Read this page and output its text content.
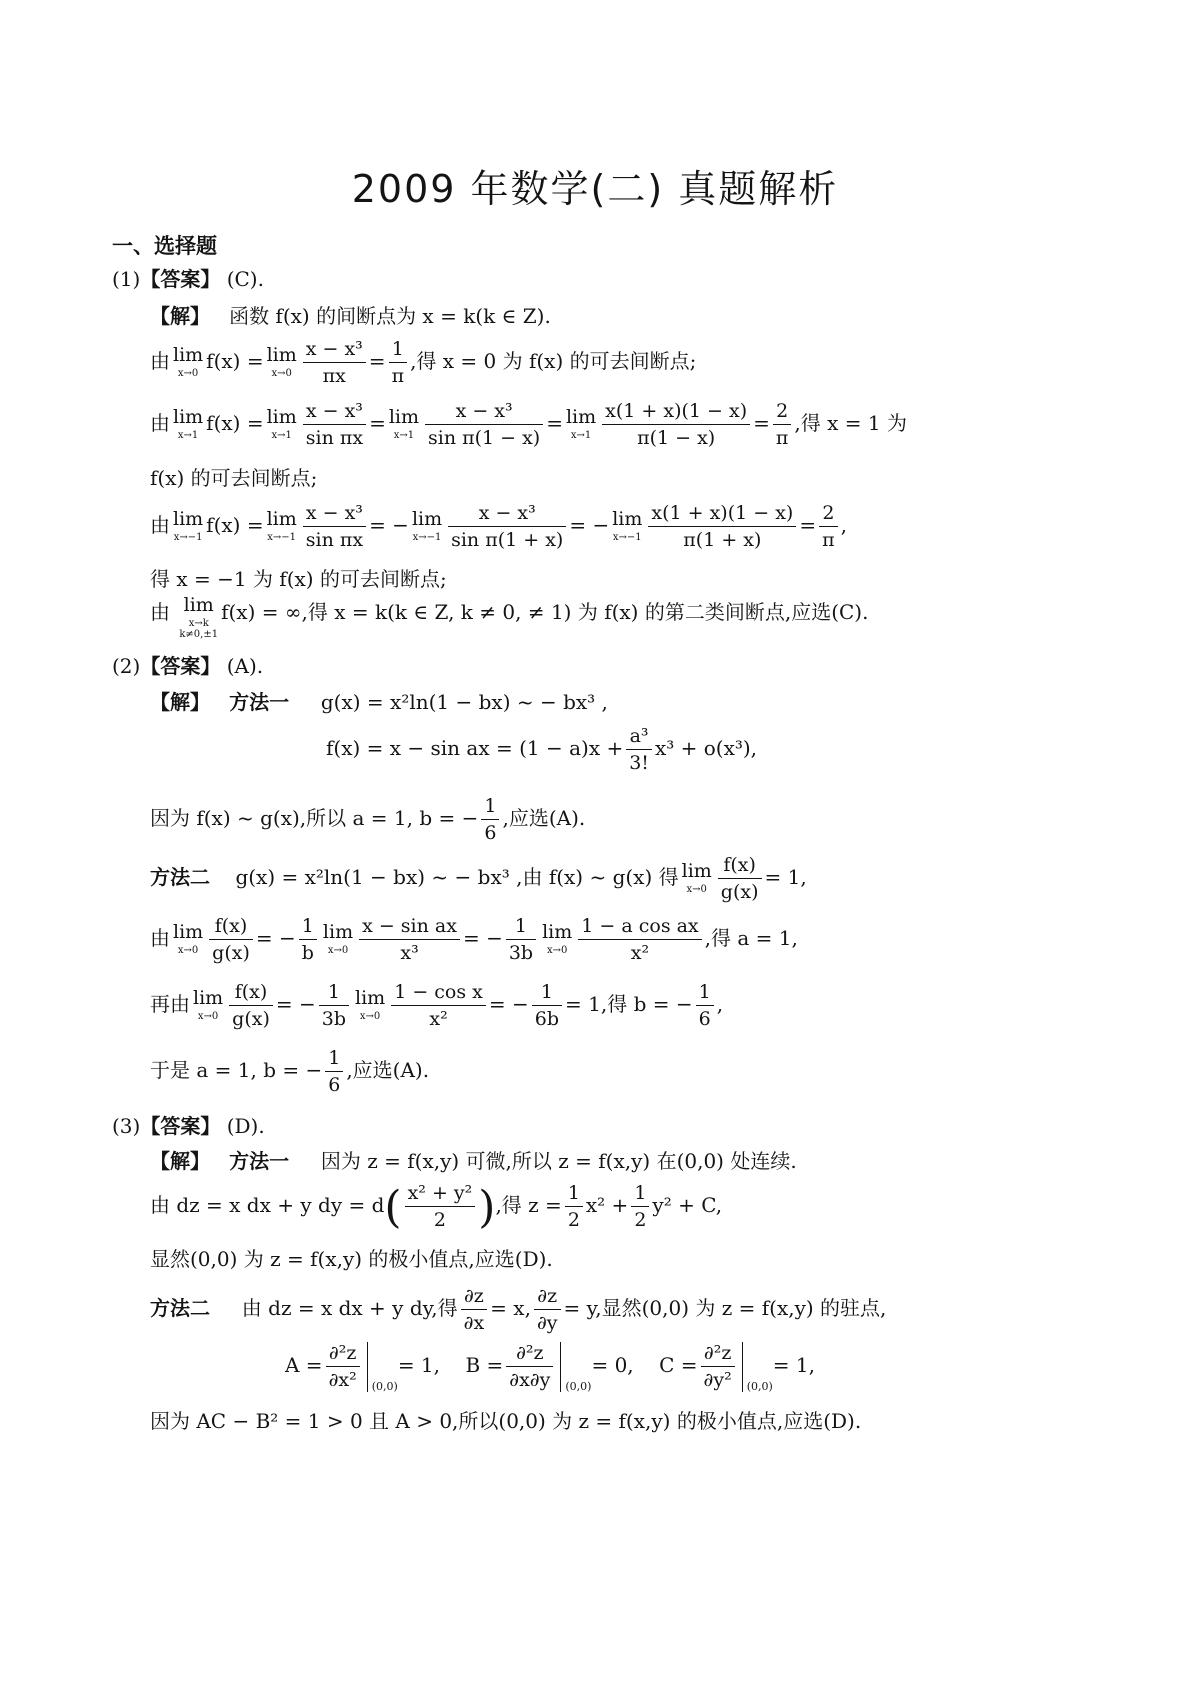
2009 年数学(二) 真题解析
一、选择题
(1)【答案】 (C).
【解】 函数 f(x) 的间断点为 x = k(k ∈ Z).
由 lim
x→0
f(x) = lim
$x\to 0 \frac{\text{x − x³}}{\pi x} = \frac{1}{\pi}$ ,得 x = 0 为 f(x) 的可去间断点;
由 lim
x→1
f(x) = lim
$x\to 1 \frac{\text{x − x³}}{\text{sin πx}} = \lim$
$x\to 1 \frac{\text{x − x³}}{\text{sin π(1 − x)}} = \lim$
$x\to 1 \frac{x(1 + x)(1 - x)}{\pi(1 - x)} = \frac{2}{\pi}$ ,得 x = 1 为
f(x) 的可去间断点;
由 lim
x→−1
f(x) = lim
$x\to-1 \frac{\text{x − x³}}{\text{sin πx}}$ = − lim
$x\to-1 \frac{\text{x − x³}}{\text{sin π(1 + x)}}$ = − lim
$x\to-1 \frac{x(1 + x)(1 - x)}{\pi(1 + x)} = \frac{2}{\pi}$ ,
得 x = −1 为 f(x) 的可去间断点;
由 lim
x→k
k≠0,±1
f(x) = ∞,得 x = k(k ∈ Z, k ≠ 0, ≠ 1) 为 f(x) 的第二类间断点,应选(C).
(2)【答案】 (A).
【解】 方法一 g(x) = x²ln(1 − bx) ~ − bx³ ,
f(x) = x − sin ax = $(1 - a)x + \frac{\text{a³}}{3!} x^3 + o(x^3)$,
因为 f(x) ~ g(x),所以 a = 1, b = − $\frac{1}{6}$ ,应选(A).
方法二 g(x) = x²ln(1 − bx) ~ − bx³ ,由 f(x) ~ g(x) 得 lim
$x\to 0 \frac{f(x)}{g(x)} = 1$,
由 lim
$x\to 0 \frac{f(x)}{g(x)}$ = − $\frac{1}{b}$ lim
$x\to 0 \frac{\text{x − sin ax}}{\text{x³}}$ = − $\frac{1}{3b}$ lim
$x\to 0 \frac{\text{1 − a cos ax}}{\text{x²}}$ ,得 a = 1,
再由 lim
$x\to 0 \frac{f(x)}{g(x)}$ = − $\frac{1}{3b}$ lim
$x\to 0 \frac{\text{1 − cos x}}{\text{x²}}$ = − $\frac{1}{6b} = 1$,得 b = − $\frac{1}{6}$ ,
于是 a = 1, b = − $\frac{1}{6}$ ,应选(A).
(3)【答案】 (D).
【解】 方法一 因为 z = f(x,y) 可微,所以 z = f(x,y) 在(0,0) 处连续.
由 dz = x dx + y dy = $d( \frac{\text{x² + y²}}{2}$ ),得 $z = \frac{1}{2} x^2 + \frac{1}{2} y^2 + C$,
显然(0,0) 为 z = f(x,y) 的极小值点,应选(D).
方法二 由 dz = x dx + y dy,得 $\frac{\partial z}{\partial x} = x$, $\frac{\partial z}{\partial y} = y$,显然(0,0) 为 z = f(x,y) 的驻点,
$A = \frac{\text{∂²z}}{\text{∂x²}} _{(0,0)}= 1$, $B = \frac{\text{∂²z}}{\partial x\partial y} _{(0,0)}= 0$, $C = \frac{\text{∂²z}}{\text{∂y²}} _{(0,0)}= 1$,
因为 AC − B² = 1 > 0 且 A > 0,所以(0,0) 为 z = f(x,y) 的极小值点,应选(D).
